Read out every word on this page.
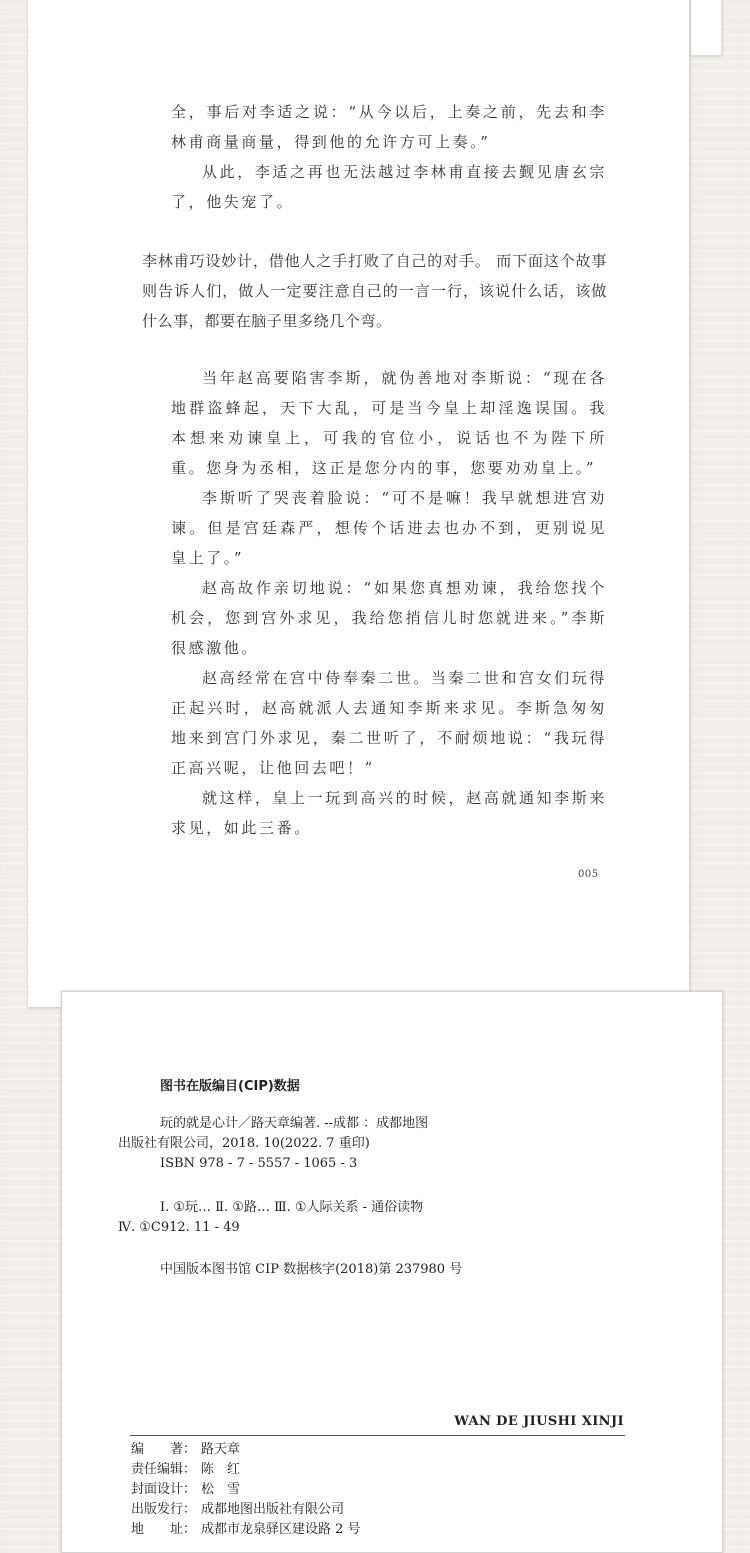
全，事后对李适之说：“从今以后，上奏之前，先去和李林甫商量商量，得到他的允许方可上奏。”

从此，李适之再也无法越过李林甫直接去觐见唐玄宗了，他失宠了。

李林甫巧设妙计，借他人之手打败了自己的对手。 而下面这个故事则告诉人们，做人一定要注意自己的一言一行，该说什么话，该做什么事，都要在脑子里多绕几个弯。

当年赵高要陷害李斯，就伪善地对李斯说：“现在各地群盗蜂起，天下大乱，可是当今皇上却淫逸误国。我本想来劝谏皇上，可我的官位小，说话也不为陛下所重。您身为丞相，这正是您分内的事，您要劝劝皇上。”

李斯听了哭丧着脸说：“可不是嘛！我早就想进宫劝谏。但是宫廷森严，想传个话进去也办不到，更别说见皇上了。”

赵高故作亲切地说：“如果您真想劝谏，我给您找个机会，您到宫外求见，我给您捎信儿时您就进来。”李斯很感激他。

赵高经常在宫中侍奉秦二世。当秦二世和宫女们玩得正起兴时，赵高就派人去通知李斯来求见。李斯急匆匆地来到宫门外求见，秦二世听了，不耐烦地说：“我玩得正高兴呢，让他回去吧！”

就这样，皇上一玩到高兴的时候，赵高就通知李斯来求见，如此三番。

005
图书在版编目(CIP)数据
玩的就是心计／路天章编著. --成都 ：成都地图
出版社有限公司，2018. 10(2022. 7 重印)
ISBN 978 - 7 - 5557 - 1065 - 3
Ⅰ. ①玩… Ⅱ. ①路… Ⅲ. ①人际关系 - 通俗读物
Ⅳ. ①C912. 11 - 49
中国版本图书馆 CIP 数据核字(2018)第 237980 号
WAN DE JIUSHI XINJI
编　　著： 路天章
责任编辑： 陈　红
封面设计： 松　雪
出版发行： 成都地图出版社有限公司
地　　址： 成都市龙泉驿区建设路 2 号
